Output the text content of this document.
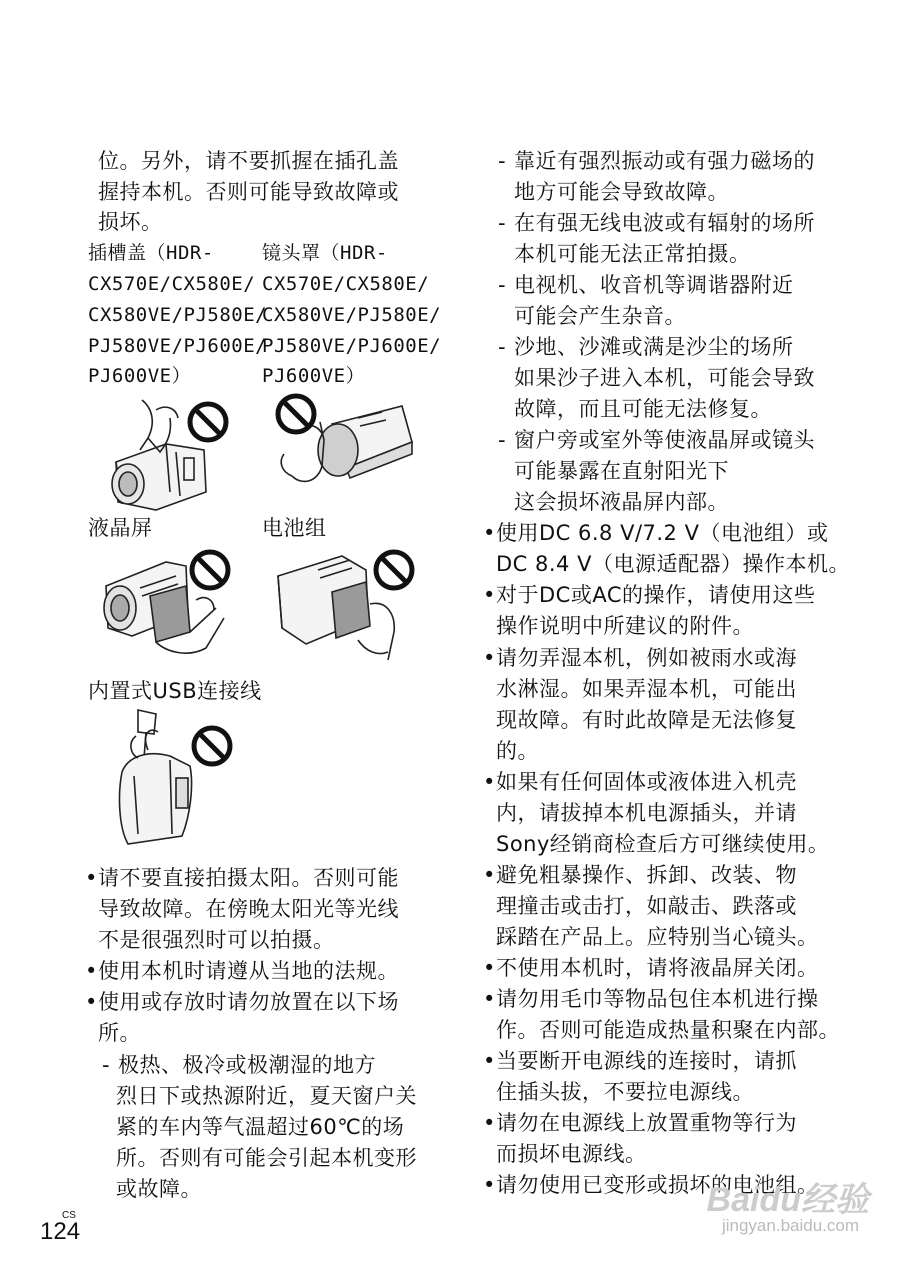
位。另外，请不要抓握在插孔盖
握持本机。否则可能导致故障或
损坏。
插槽盖（HDR-
CX570E/CX580E/
CX580VE/PJ580E/
PJ580VE/PJ600E/
PJ600VE）
镜头罩（HDR-
CX570E/CX580E/
CX580VE/PJ580E/
PJ580VE/PJ600E/
PJ600VE）
液晶屏	电池组
内置式USB连接线
• 请不要直接拍摄太阳。否则可能
导致故障。在傍晚太阳光等光线
不是很强烈时可以拍摄。
• 使用本机时请遵从当地的法规。
• 使用或存放时请勿放置在以下场
所。
- 极热、极冷或极潮湿的地方
烈日下或热源附近，夏天窗户关
紧的车内等气温超过60℃的场
所。否则有可能会引起本机变形
或故障。
- 靠近有强烈振动或有强力磁场的
地方可能会导致故障。
- 在有强无线电波或有辐射的场所
本机可能无法正常拍摄。
- 电视机、收音机等调谐器附近
可能会产生杂音。
- 沙地、沙滩或满是沙尘的场所
如果沙子进入本机，可能会导致
故障，而且可能无法修复。
- 窗户旁或室外等使液晶屏或镜头
可能暴露在直射阳光下
这会损坏液晶屏内部。
• 使用DC 6.8 V/7.2 V（电池组）或
DC 8.4 V（电源适配器）操作本机。
• 对于DC或AC的操作，请使用这些
操作说明中所建议的附件。
• 请勿弄湿本机，例如被雨水或海
水淋湿。如果弄湿本机，可能出
现故障。有时此故障是无法修复
的。
• 如果有任何固体或液体进入机壳
内，请拔掉本机电源插头，并请
Sony经销商检查后方可继续使用。
• 避免粗暴操作、拆卸、改装、物
理撞击或击打，如敲击、跌落或
踩踏在产品上。应特别当心镜头。
• 不使用本机时，请将液晶屏关闭。
• 请勿用毛巾等物品包住本机进行操
作。否则可能造成热量积聚在内部。
• 当要断开电源线的连接时，请抓
住插头拔，不要拉电源线。
• 请勿在电源线上放置重物等行为
而损坏电源线。
• 请勿使用已变形或损坏的电池组。
CS
124
Baidu经验
jingyan.baidu.com
